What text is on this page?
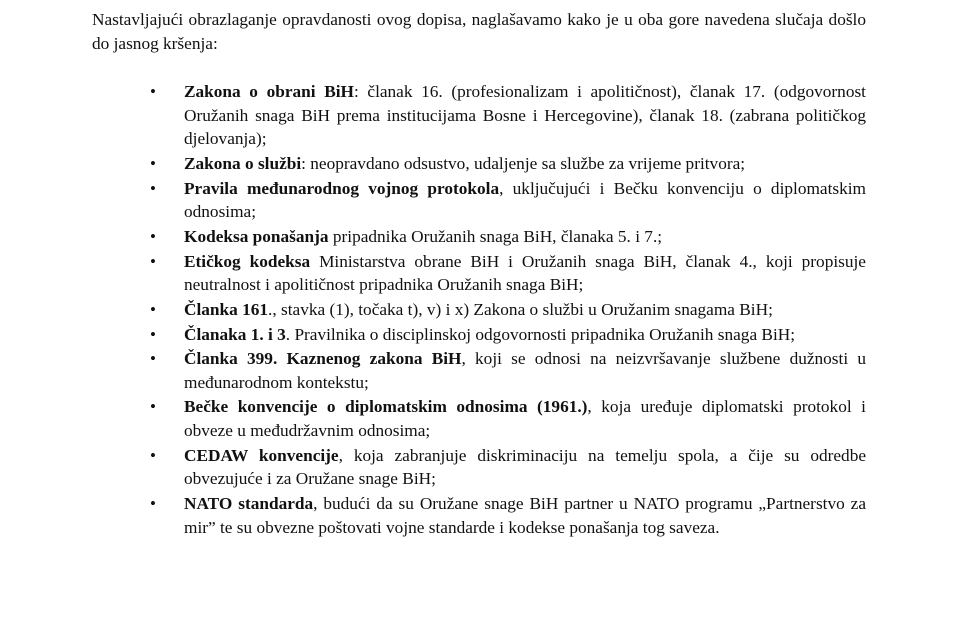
Nastavljajući obrazlaganje opravdanosti ovog dopisa, naglašavamo kako je u oba gore navedena slučaja došlo do jasnog kršenja:

• Zakona o obrani BiH: članak 16. (profesionalizam i apolitičnost), članak 17. (odgovornost Oružanih snaga BiH prema institucijama Bosne i Hercegovine), članak 18. (zabrana političkog djelovanja);
• Zakona o službi: neopravdano odsustvo, udaljenje sa službe za vrijeme pritvora;
• Pravila međunarodnog vojnog protokola, uključujući i Bečku konvenciju o diplomatskim odnosima;
• Kodeksa ponašanja pripadnika Oružanih snaga BiH, članaka 5. i 7.;
• Etičkog kodeksa Ministarstva obrane BiH i Oružanih snaga BiH, članak 4., koji propisuje neutralnost i apolitičnost pripadnika Oružanih snaga BiH;
• Članka 161., stavka (1), točaka t), v) i x) Zakona o službi u Oružanim snagama BiH;
• Članaka 1. i 3. Pravilnika o disciplinskoj odgovornosti pripadnika Oružanih snaga BiH;
• Članka 399. Kaznenog zakona BiH, koji se odnosi na neizvršavanje službene dužnosti u međunarodnom kontekstu;
• Bečke konvencije o diplomatskim odnosima (1961.), koja uređuje diplomatski protokol i obveze u međudržavnim odnosima;
• CEDAW konvencije, koja zabranjuje diskriminaciju na temelju spola, a čije su odredbe obvezujuće i za Oružane snage BiH;
• NATO standarda, budući da su Oružane snage BiH partner u NATO programu „Partnerstvo za mir” te su obvezne poštovati vojne standarde i kodekse ponašanja tog saveza.
